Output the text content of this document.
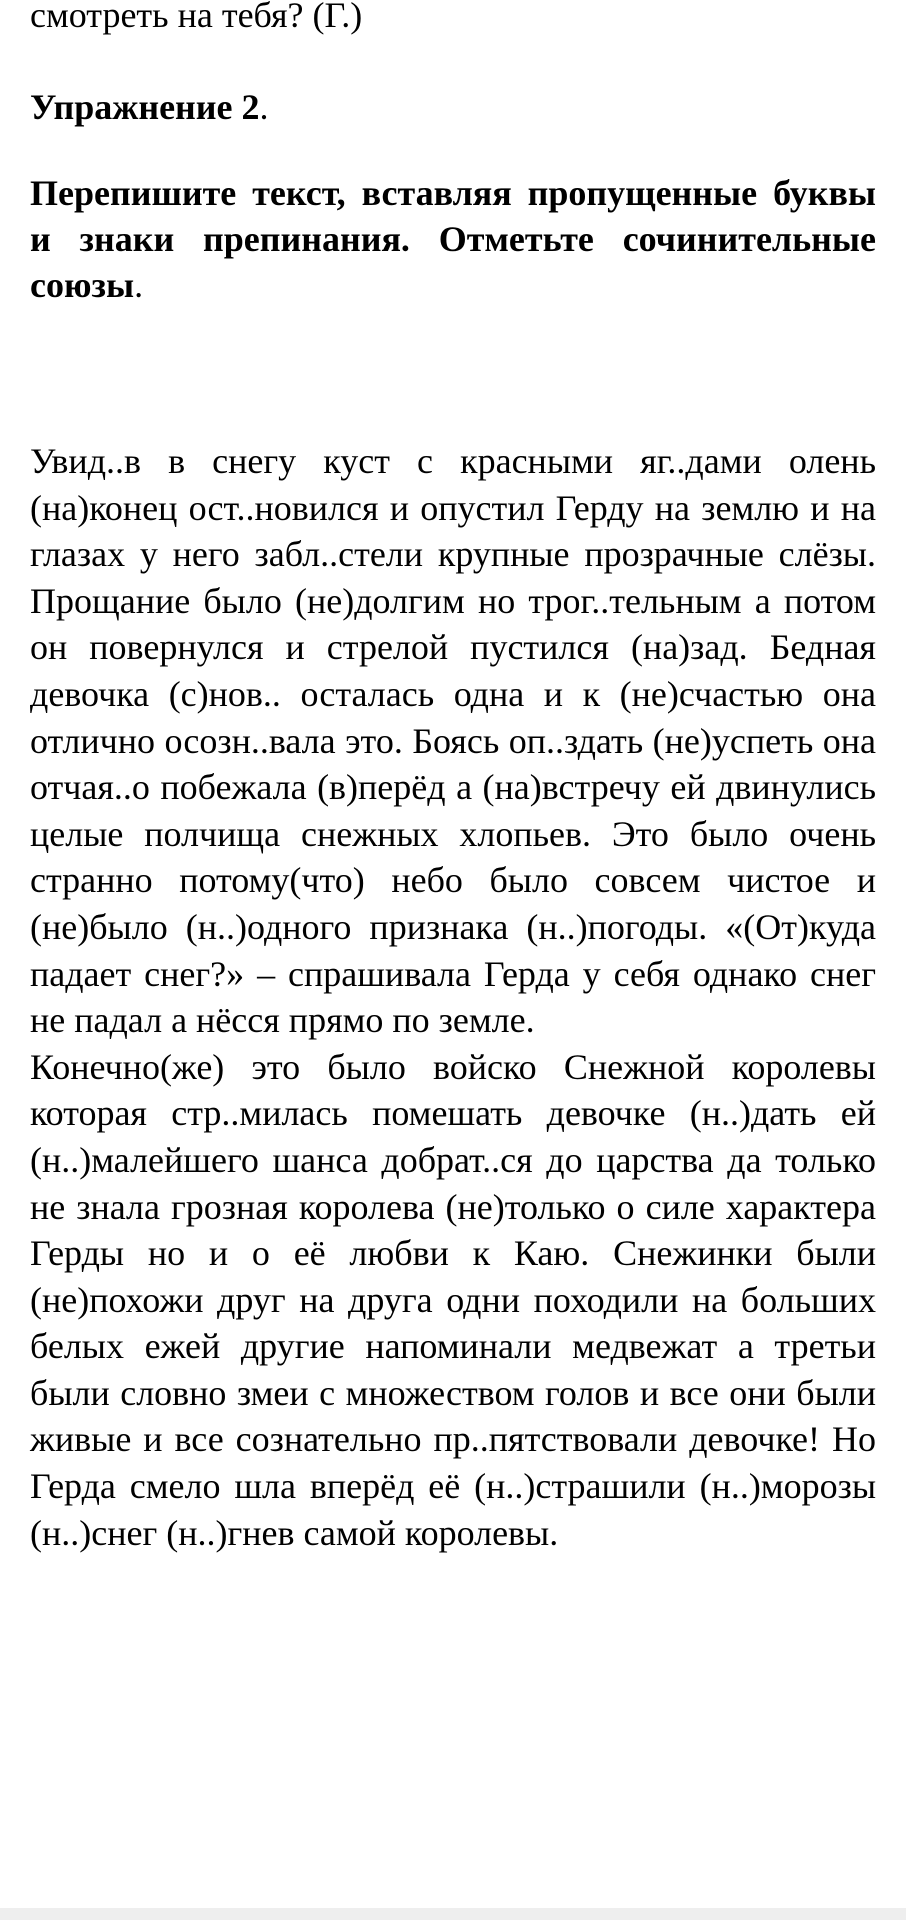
смотреть на тебя? (Г.)
Упражнение 2.
Перепишите текст, вставляя пропущенные буквы и знаки препинания. Отметьте сочинительные союзы.

Увид..в в снегу куст с красными яг..дами олень (на)конец ост..новился и опустил Герду на землю и на глазах у него забл..стели крупные прозрачные слёзы. Прощание было (не)долгим но трог..тельным а потом он повернулся и стрелой пустился (на)зад. Бедная девочка (с)нов.. осталась одна и к (не)счастью она отлично осозн..вала это. Боясь оп..здать (не)успеть она отчая..о побежала (в)перёд а (на)встречу ей двинулись целые полчища снежных хлопьев. Это было очень странно потому(что) небо было совсем чистое и (не)было (н..)одного признака (н..)погоды. «(От)куда падает снег?» – спрашивала Герда у себя однако снег не падал а нёсся прямо по земле.

Конечно(же) это было войско Снежной королевы которая стр..милась помешать девочке (н..)дать ей (н..)малейшего шанса добрат..ся до царства да только не знала грозная королева (не)только о силе характера Герды но и о её любви к Каю. Снежинки были (не)похожи друг на друга одни походили на больших белых ежей другие напоминали медвежат а третьи были словно змеи с множеством голов и все они были живые и все сознательно пр..пятствовали девочке! Но Герда смело шла вперёд её (н..)страшили (н..)морозы (н..)снег (н..)гнев самой королевы.
